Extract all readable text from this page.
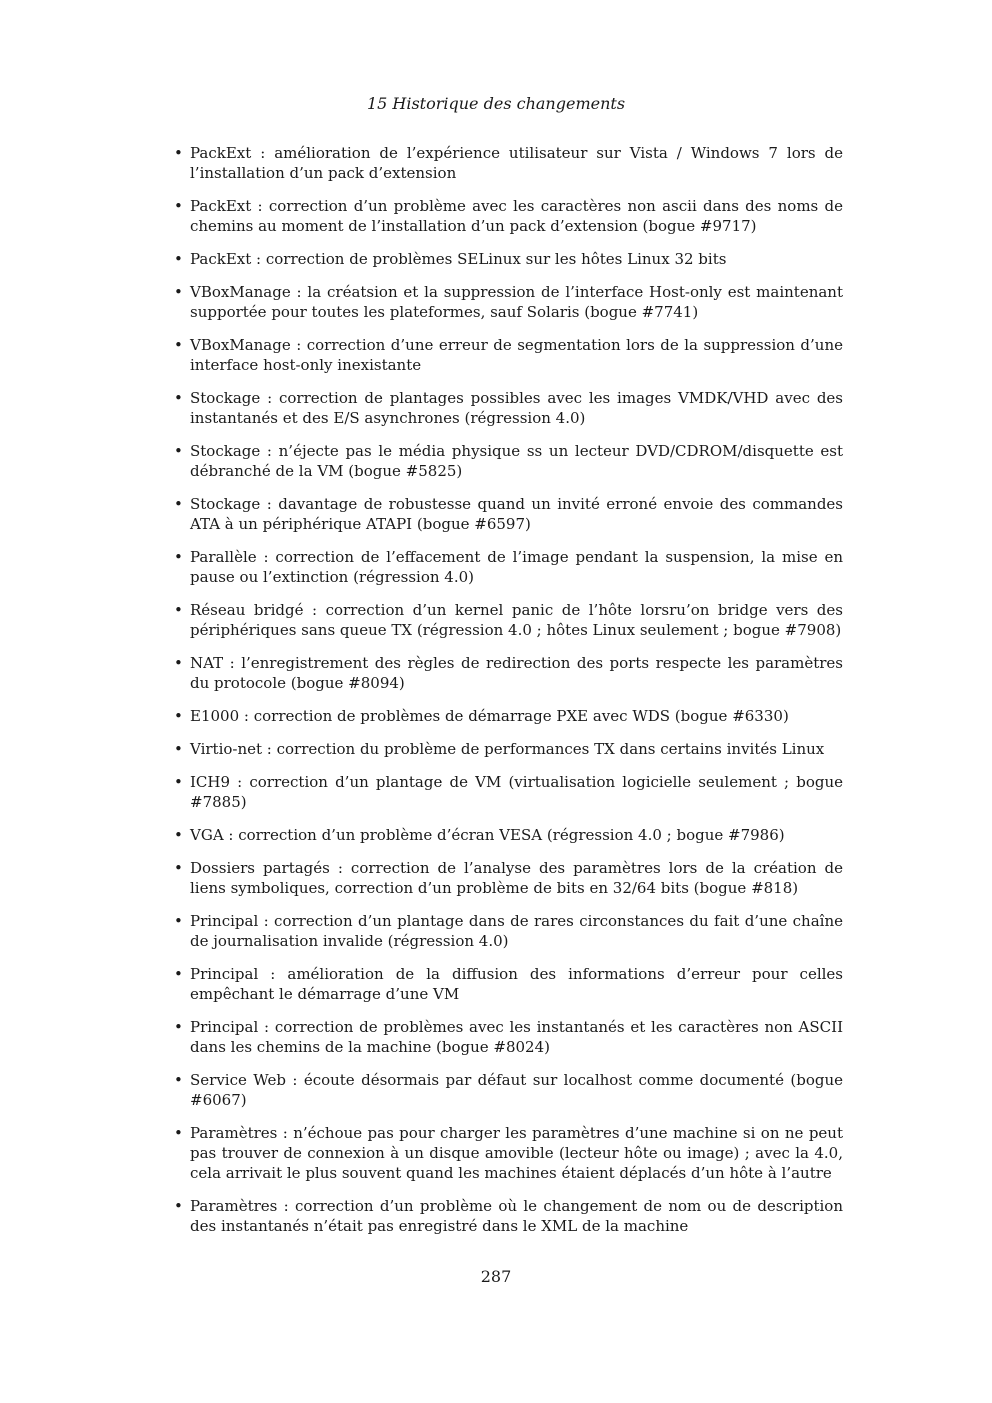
15 Historique des changements
• PackExt : amélioration de l’expérience utilisateur sur Vista / Windows 7 lors de l’installation d’un pack d’extension
• PackExt : correction d’un problème avec les caractères non ascii dans des noms de chemins au moment de l’installation d’un pack d’extension (bogue #9717)
• PackExt : correction de problèmes SELinux sur les hôtes Linux 32 bits
• VBoxManage : la créatsion et la suppression de l’interface Host-only est maintenant supportée pour toutes les plateformes, sauf Solaris (bogue #7741)
• VBoxManage : correction d’une erreur de segmentation lors de la suppression d’une interface host-only inexistante
• Stockage : correction de plantages possibles avec les images VMDK/VHD avec des instantanés et des E/S asynchrones (régression 4.0)
• Stockage : n’éjecte pas le média physique ss un lecteur DVD/CDROM/disquette est débranché de la VM (bogue #5825)
• Stockage : davantage de robustesse quand un invité erroné envoie des commandes ATA à un périphérique ATAPI (bogue #6597)
• Parallèle : correction de l’effacement de l’image pendant la suspension, la mise en pause ou l’extinction (régression 4.0)
• Réseau bridgé : correction d’un kernel panic de l’hôte lorsru’on bridge vers des périphériques sans queue TX (régression 4.0 ; hôtes Linux seulement ; bogue #7908)
• NAT : l’enregistrement des règles de redirection des ports respecte les paramètres du protocole (bogue #8094)
• E1000 : correction de problèmes de démarrage PXE avec WDS (bogue #6330)
• Virtio-net : correction du problème de performances TX dans certains invités Linux
• ICH9 : correction d’un plantage de VM (virtualisation logicielle seulement ; bogue #7885)
• VGA : correction d’un problème d’écran VESA (régression 4.0 ; bogue #7986)
• Dossiers partagés : correction de l’analyse des paramètres lors de la création de liens symboliques, correction d’un problème de bits en 32/64 bits (bogue #818)
• Principal : correction d’un plantage dans de rares circonstances du fait d’une chaîne de journalisation invalide (régression 4.0)
• Principal : amélioration de la diffusion des informations d’erreur pour celles empêchant le démarrage d’une VM
• Principal : correction de problèmes avec les instantanés et les caractères non ASCII dans les chemins de la machine (bogue #8024)
• Service Web : écoute désormais par défaut sur localhost comme documenté (bogue #6067)
• Paramètres : n’échoue pas pour charger les paramètres d’une machine si on ne peut pas trouver de connexion à un disque amovible (lecteur hôte ou image) ; avec la 4.0, cela arrivait le plus souvent quand les machines étaient déplacés d’un hôte à l’autre
• Paramètres : correction d’un problème où le changement de nom ou de description des instantanés n’était pas enregistré dans le XML de la machine
287
